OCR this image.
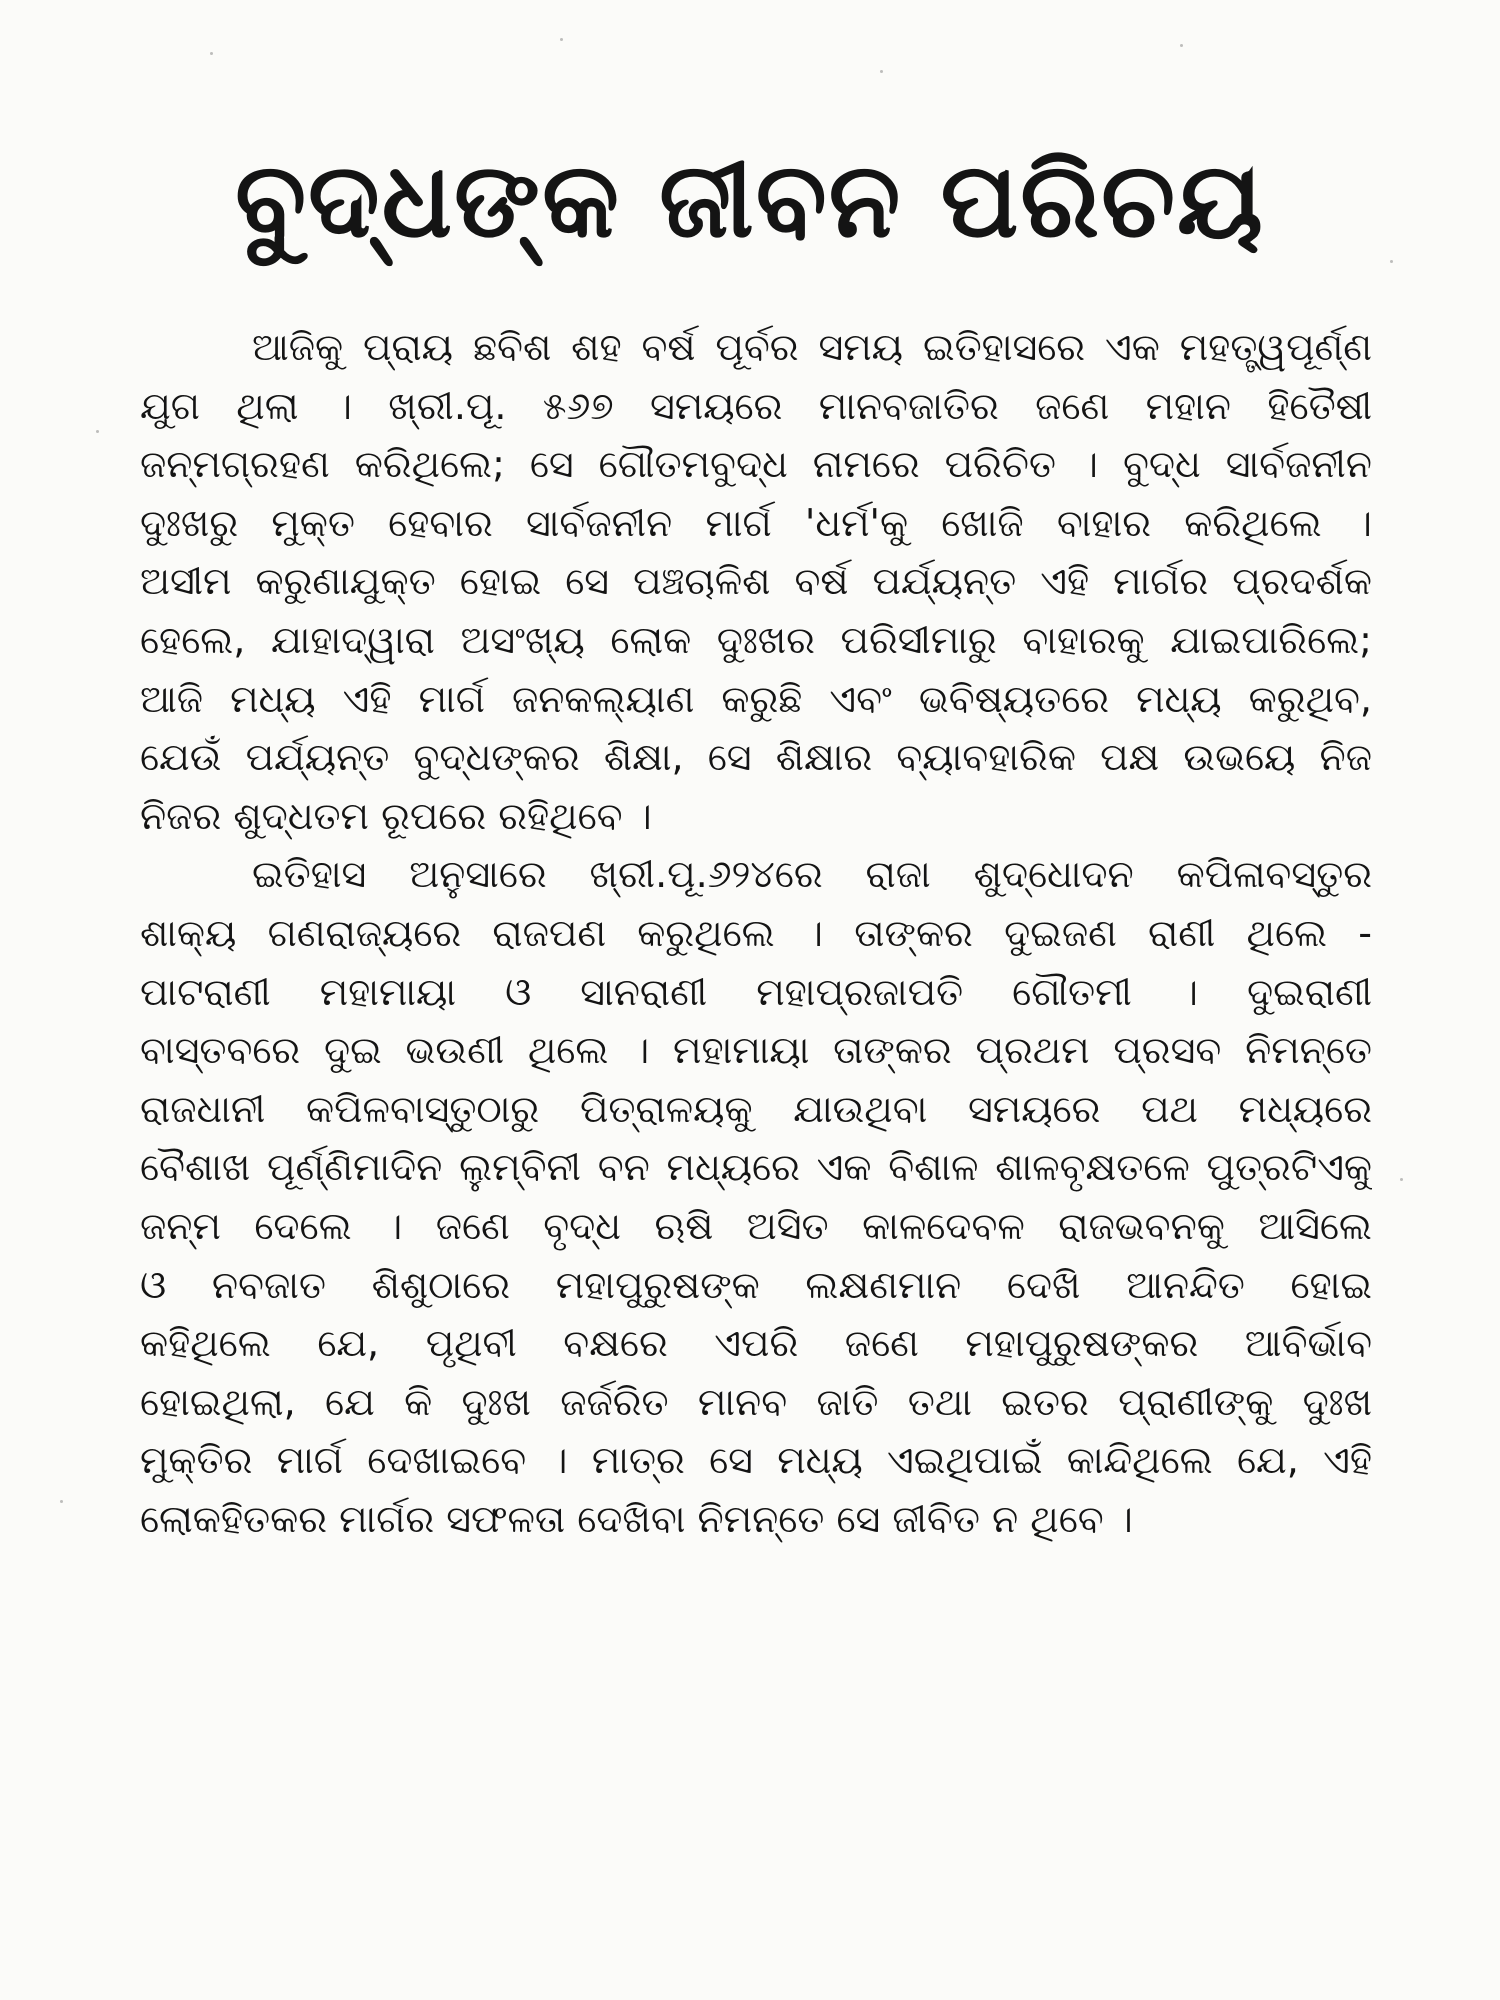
ବୁଦ୍ଧଙ୍କ ଜୀବନ ପରିଚୟ
ଆଜିକୁ ପ୍ରାୟ ଛବିଶ ଶହ ବର୍ଷ ପୂର୍ବର ସମୟ ଇତିହାସରେ ଏକ ମହତ୍ତ୍ୱପୂର୍ଣ୍ଣ
ଯୁଗ ଥିଲା । ଖ୍ରୀ.ପୂ. ୫୬୭ ସମୟରେ ମାନବଜାତିର ଜଣେ ମହାନ ହିତୈଷୀ
ଜନ୍ମଗ୍ରହଣ କରିଥିଲେ; ସେ ଗୌତମବୁଦ୍ଧ ନାମରେ ପରିଚିତ । ବୁଦ୍ଧ ସାର୍ବଜନୀନ
ଦୁଃଖରୁ ମୁକ୍ତ ହେବାର ସାର୍ବଜନୀନ ମାର୍ଗ 'ଧର୍ମ'କୁ ଖୋଜି ବାହାର କରିଥିଲେ ।
ଅସୀମ କରୁଣାଯୁକ୍ତ ହୋଇ ସେ ପଞ୍ଚଚାଳିଶ ବର୍ଷ ପର୍ଯ୍ୟନ୍ତ ଏହି ମାର୍ଗର ପ୍ରଦର୍ଶକ
ହେଲେ, ଯାହାଦ୍ୱାରା ଅସଂଖ୍ୟ ଲୋକ ଦୁଃଖର ପରିସୀମାରୁ ବାହାରକୁ ଯାଇପାରିଲେ;
ଆଜି ମଧ୍ୟ ଏହି ମାର୍ଗ ଜନକଲ୍ୟାଣ କରୁଛି ଏବଂ ଭବିଷ୍ୟତରେ ମଧ୍ୟ କରୁଥିବ,
ଯେଉଁ ପର୍ଯ୍ୟନ୍ତ ବୁଦ୍ଧଙ୍କର ଶିକ୍ଷା, ସେ ଶିକ୍ଷାର ବ୍ୟାବହାରିକ ପକ୍ଷ ଉଭୟେ ନିଜ
ନିଜର ଶୁଦ୍ଧତମ ରୂପରେ ରହିଥିବେ ।
ଇତିହାସ ଅନୁସାରେ ଖ୍ରୀ.ପୂ.୬୨୪ରେ ରାଜା ଶୁଦ୍ଧୋଦନ କପିଳାବସ୍ତୁର
ଶାକ୍ୟ ଗଣରାଜ୍ୟରେ ରାଜପଣ କରୁଥିଲେ । ତାଙ୍କର ଦୁଇଜଣ ରାଣୀ ଥିଲେ -
ପାଟରାଣୀ ମହାମାୟା ଓ ସାନରାଣୀ ମହାପ୍ରଜାପତି ଗୌତମୀ । ଦୁଇରାଣୀ
ବାସ୍ତବରେ ଦୁଇ ଭଉଣୀ ଥିଲେ । ମହାମାୟା ତାଙ୍କର ପ୍ରଥମ ପ୍ରସବ ନିମନ୍ତେ
ରାଜଧାନୀ କପିଳବାସ୍ତୁଠାରୁ ପିତ୍ରାଳୟକୁ ଯାଉଥିବା ସମୟରେ ପଥ ମଧ୍ୟରେ
ବୈଶାଖ ପୂର୍ଣ୍ଣିମାଦିନ ଲୁମ୍ବିନୀ ବନ ମଧ୍ୟରେ ଏକ ବିଶାଳ ଶାଳବୃକ୍ଷତଳେ ପୁତ୍ରଟିଏକୁ
ଜନ୍ମ ଦେଲେ । ଜଣେ ବୃଦ୍ଧ ଋଷି ଅସିତ କାଳଦେବଳ ରାଜଭବନକୁ ଆସିଲେ
ଓ ନବଜାତ ଶିଶୁଠାରେ ମହାପୁରୁଷଙ୍କ ଲକ୍ଷଣମାନ ଦେଖି ଆନନ୍ଦିତ ହୋଇ
କହିଥିଲେ ଯେ, ପୃଥିବୀ ବକ୍ଷରେ ଏପରି ଜଣେ ମହାପୁରୁଷଙ୍କର ଆବିର୍ଭାବ
ହୋଇଥିଲା, ଯେ କି ଦୁଃଖ ଜର୍ଜରିତ ମାନବ ଜାତି ତଥା ଇତର ପ୍ରାଣୀଙ୍କୁ ଦୁଃଖ
ମୁକ୍ତିର ମାର୍ଗ ଦେଖାଇବେ । ମାତ୍ର ସେ ମଧ୍ୟ ଏଇଥିପାଇଁ କାନ୍ଦିଥିଲେ ଯେ, ଏହି
ଲୋକହିତକର ମାର୍ଗର ସଫଳତା ଦେଖିବା ନିମନ୍ତେ ସେ ଜୀବିତ ନ ଥିବେ ।
